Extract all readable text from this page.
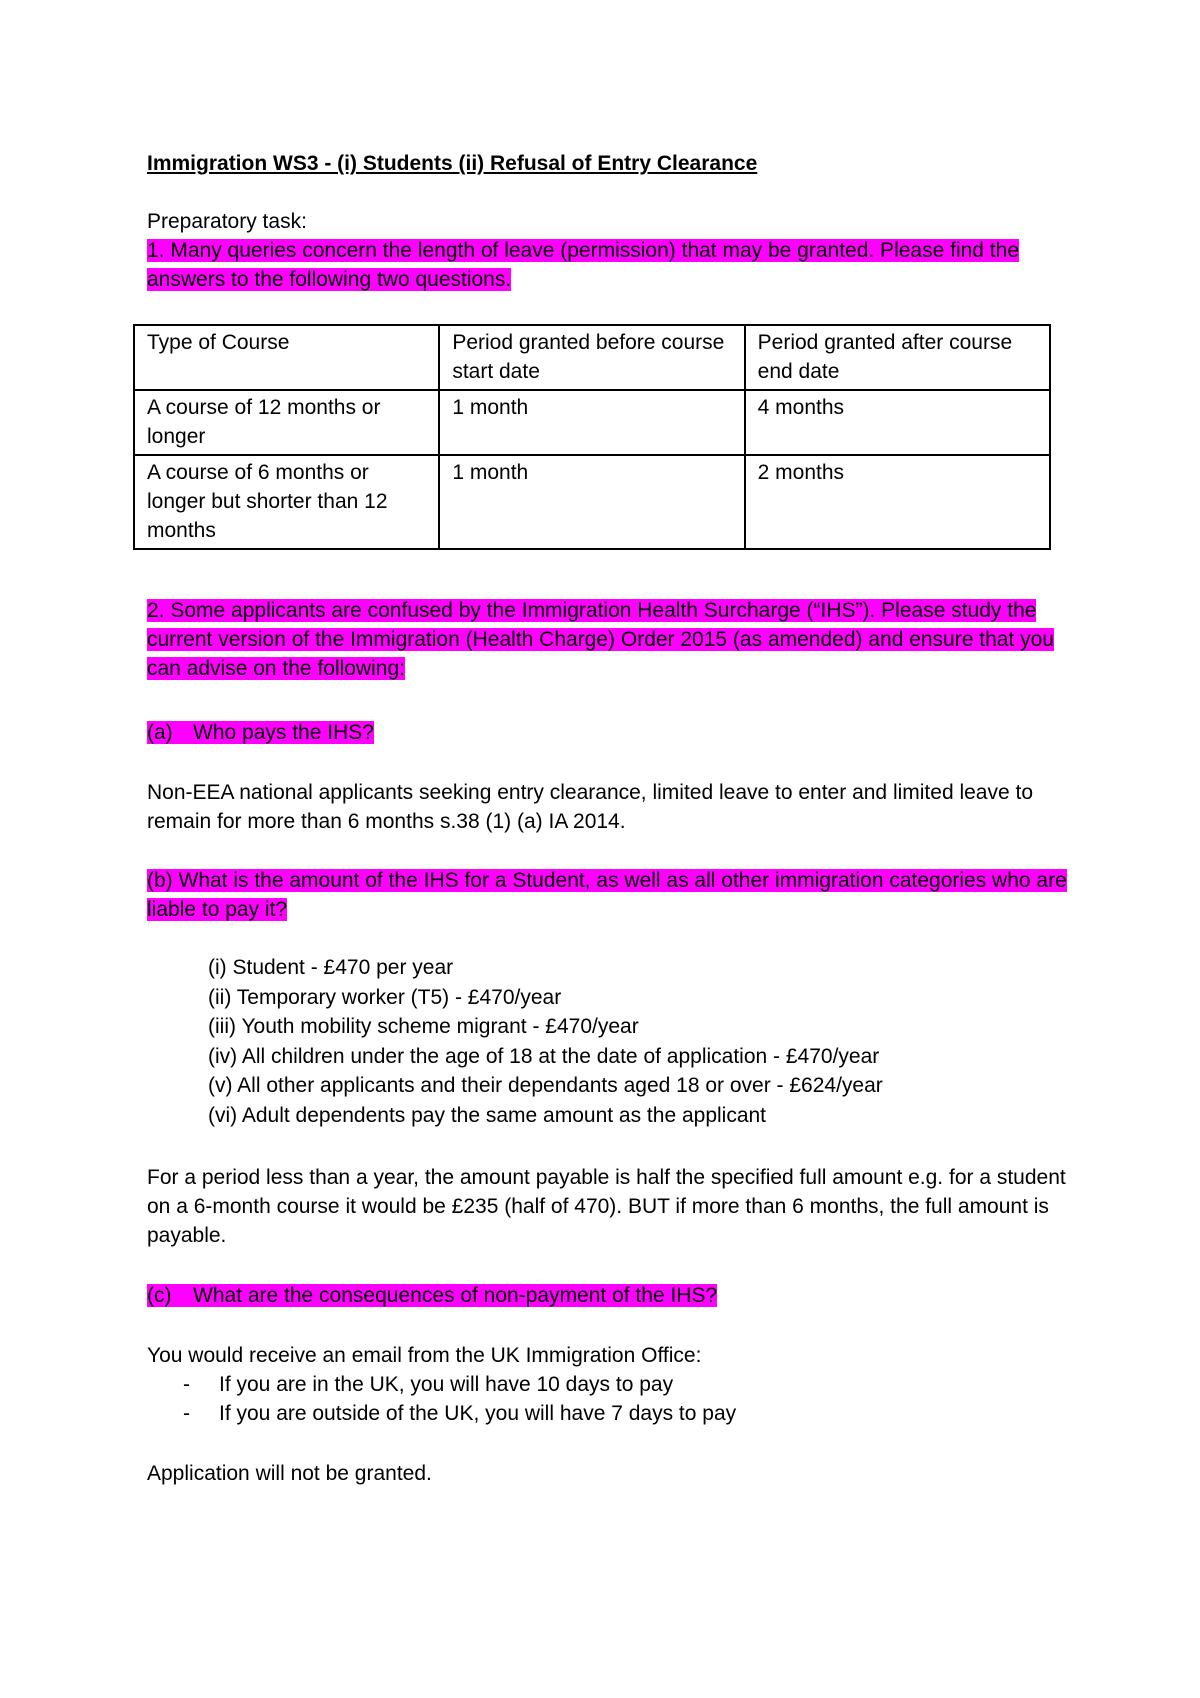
Immigration WS3 - (i) Students (ii) Refusal of Entry Clearance
Preparatory task:
1. Many queries concern the length of leave (permission) that may be granted. Please find the answers to the following two questions.
Type of Course	Period granted before course start date	Period granted after course end date
A course of 12 months or longer	1 month	4 months
A course of 6 months or longer but shorter than 12 months	1 month	2 months
2. Some applicants are confused by the Immigration Health Surcharge (“IHS”). Please study the current version of the Immigration (Health Charge) Order 2015 (as amended) and ensure that you can advise on the following:
(a) Who pays the IHS?
Non-EEA national applicants seeking entry clearance, limited leave to enter and limited leave to remain for more than 6 months s.38 (1) (a) IA 2014.
(b) What is the amount of the IHS for a Student, as well as all other immigration categories who are liable to pay it?
(i) Student - £470 per year
(ii) Temporary worker (T5) - £470/year
(iii) Youth mobility scheme migrant - £470/year
(iv) All children under the age of 18 at the date of application - £470/year
(v) All other applicants and their dependants aged 18 or over - £624/year
(vi) Adult dependents pay the same amount as the applicant
For a period less than a year, the amount payable is half the specified full amount e.g. for a student on a 6-month course it would be £235 (half of 470). BUT if more than 6 months, the full amount is payable.
(c) What are the consequences of non-payment of the IHS?
You would receive an email from the UK Immigration Office:
-	If you are in the UK, you will have 10 days to pay
-	If you are outside of the UK, you will have 7 days to pay
Application will not be granted.
